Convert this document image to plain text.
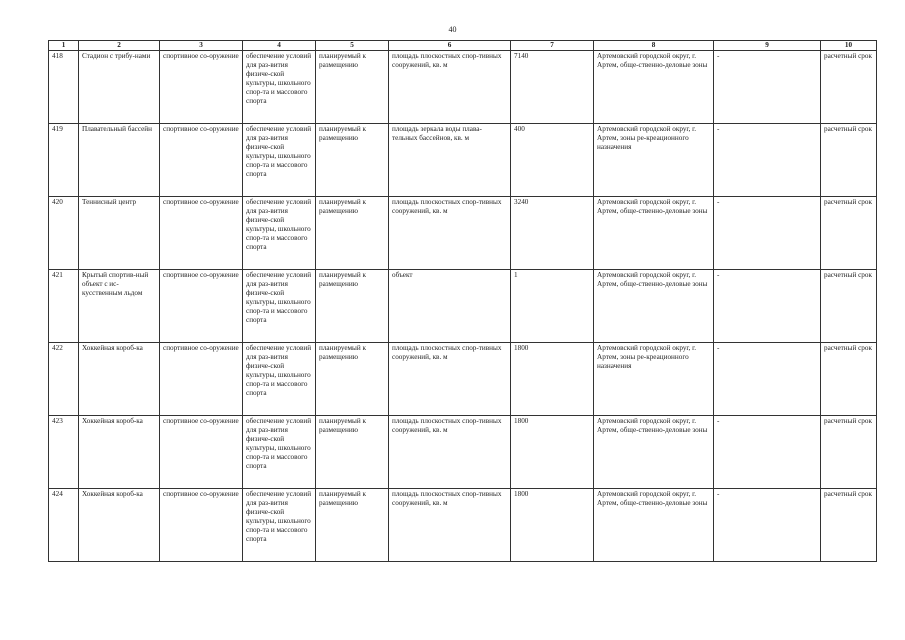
40
1	2	3	4	5	6	7	8	9	10
418	Стадион с трибу-нами	спортивное со-оружение	обеспечение условий для раз-вития физиче-ской культуры, школьного спор-та и массового спорта	планируемый к размещению	площадь плоскостных спор-тивных сооружений, кв. м	7140	Артемовский городской округ, г. Артем, обще-ственно-деловые зоны	-	расчетный срок
419	Плавательный бассейн	спортивное со-оружение	обеспечение условий для раз-вития физиче-ской культуры, школьного спор-та и массового спорта	планируемый к размещению	площадь зеркала воды плава-тельных бассейнов, кв. м	400	Артемовский городской округ, г. Артем, зоны ре-креационного назначения	-	расчетный срок
420	Теннисный центр	спортивное со-оружение	обеспечение условий для раз-вития физиче-ской культуры, школьного спор-та и массового спорта	планируемый к размещению	площадь плоскостных спор-тивных сооружений, кв. м	3240	Артемовский городской округ, г. Артем, обще-ственно-деловые зоны	-	расчетный срок
421	Крытый спортив-ный объект с ис-кусственным льдом	спортивное со-оружение	обеспечение условий для раз-вития физиче-ской культуры, школьного спор-та и массового спорта	планируемый к размещению	объект	1	Артемовский городской округ, г. Артем, обще-ственно-деловые зоны	-	расчетный срок
422	Хоккейная короб-ка	спортивное со-оружение	обеспечение условий для раз-вития физиче-ской культуры, школьного спор-та и массового спорта	планируемый к размещению	площадь плоскостных спор-тивных сооружений, кв. м	1800	Артемовский городской округ, г. Артем, зоны ре-креационного назначения	-	расчетный срок
423	Хоккейная короб-ка	спортивное со-оружение	обеспечение условий для раз-вития физиче-ской культуры, школьного спор-та и массового спорта	планируемый к размещению	площадь плоскостных спор-тивных сооружений, кв. м	1800	Артемовский городской округ, г. Артем, обще-ственно-деловые зоны	-	расчетный срок
424	Хоккейная короб-ка	спортивное со-оружение	обеспечение условий для раз-вития физиче-ской культуры, школьного спор-та и массового спорта	планируемый к размещению	площадь плоскостных спор-тивных сооружений, кв. м	1800	Артемовский городской округ, г. Артем, обще-ственно-деловые зоны	-	расчетный срок
